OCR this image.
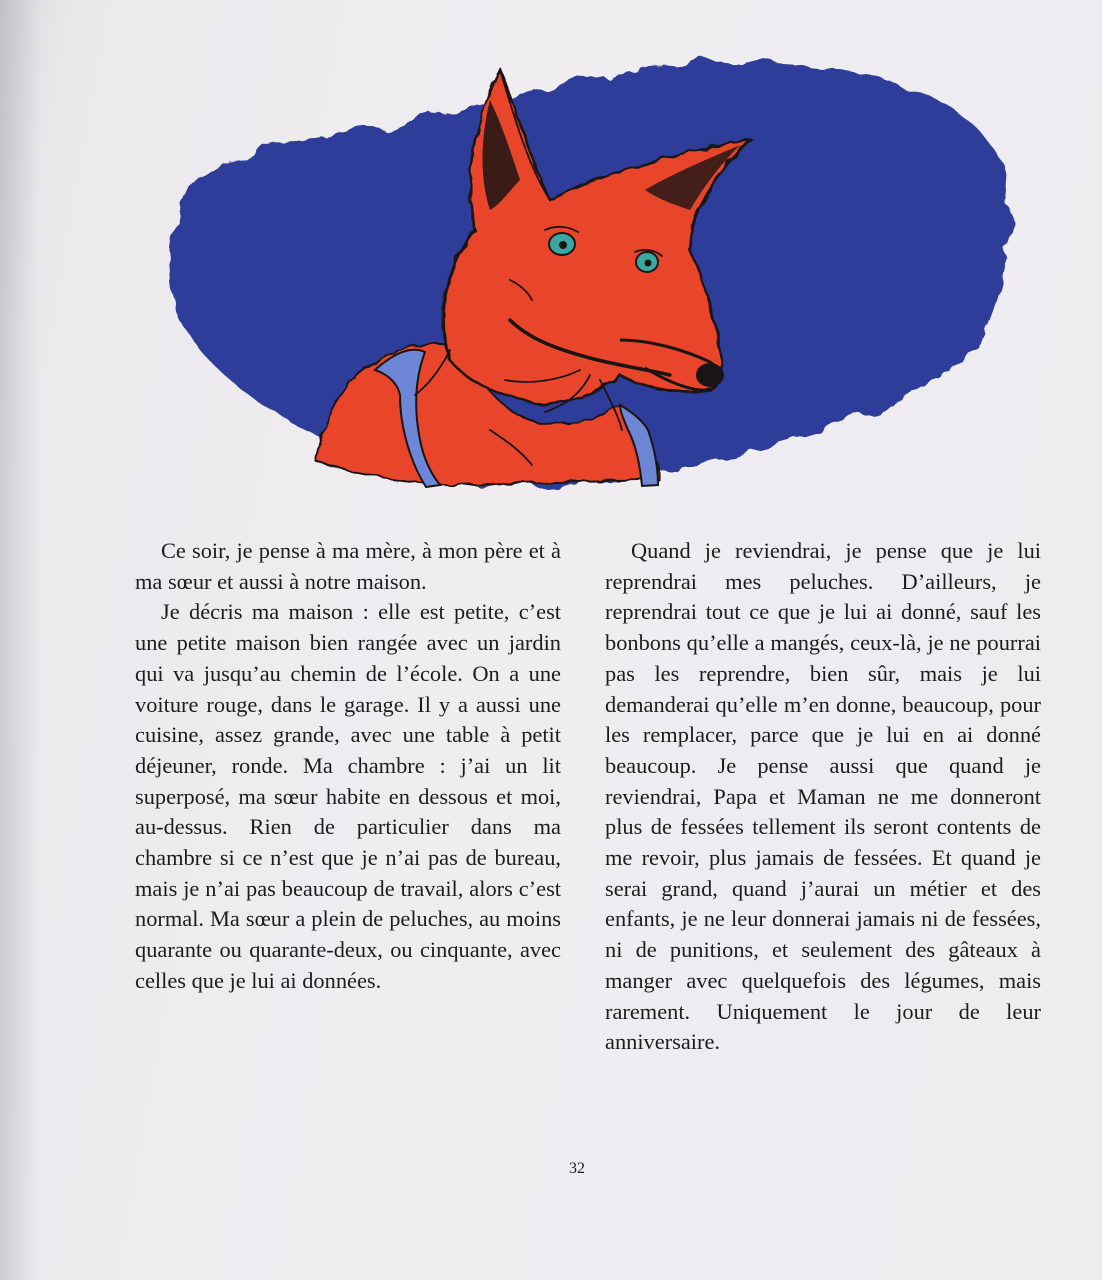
Ce soir, je pense à ma mère, à mon père et à ma sœur et aussi à notre maison.

Je décris ma maison : elle est petite, c’est une petite maison bien rangée avec un jardin qui va jusqu’au chemin de l’école. On a une voiture rouge, dans le garage. Il y a aussi une cuisine, assez grande, avec une table à petit déjeuner, ronde. Ma chambre : j’ai un lit superposé, ma sœur habite en dessous et moi, au-dessus. Rien de particulier dans ma chambre si ce n’est que je n’ai pas de bureau, mais je n’ai pas beaucoup de travail, alors c’est normal. Ma sœur a plein de peluches, au moins quarante ou quarante-deux, ou cinquante, avec celles que je lui ai données.

Quand je reviendrai, je pense que je lui reprendrai mes peluches. D’ailleurs, je reprendrai tout ce que je lui ai donné, sauf les bonbons qu’elle a mangés, ceux-là, je ne pourrai pas les reprendre, bien sûr, mais je lui demanderai qu’elle m’en donne, beaucoup, pour les remplacer, parce que je lui en ai donné beaucoup. Je pense aussi que quand je reviendrai, Papa et Maman ne me donneront plus de fessées tellement ils seront contents de me revoir, plus jamais de fessées. Et quand je serai grand, quand j’aurai un métier et des enfants, je ne leur donnerai jamais ni de fessées, ni de punitions, et seulement des gâteaux à manger avec quelquefois des légumes, mais rarement. Uniquement le jour de leur anniversaire.

32
